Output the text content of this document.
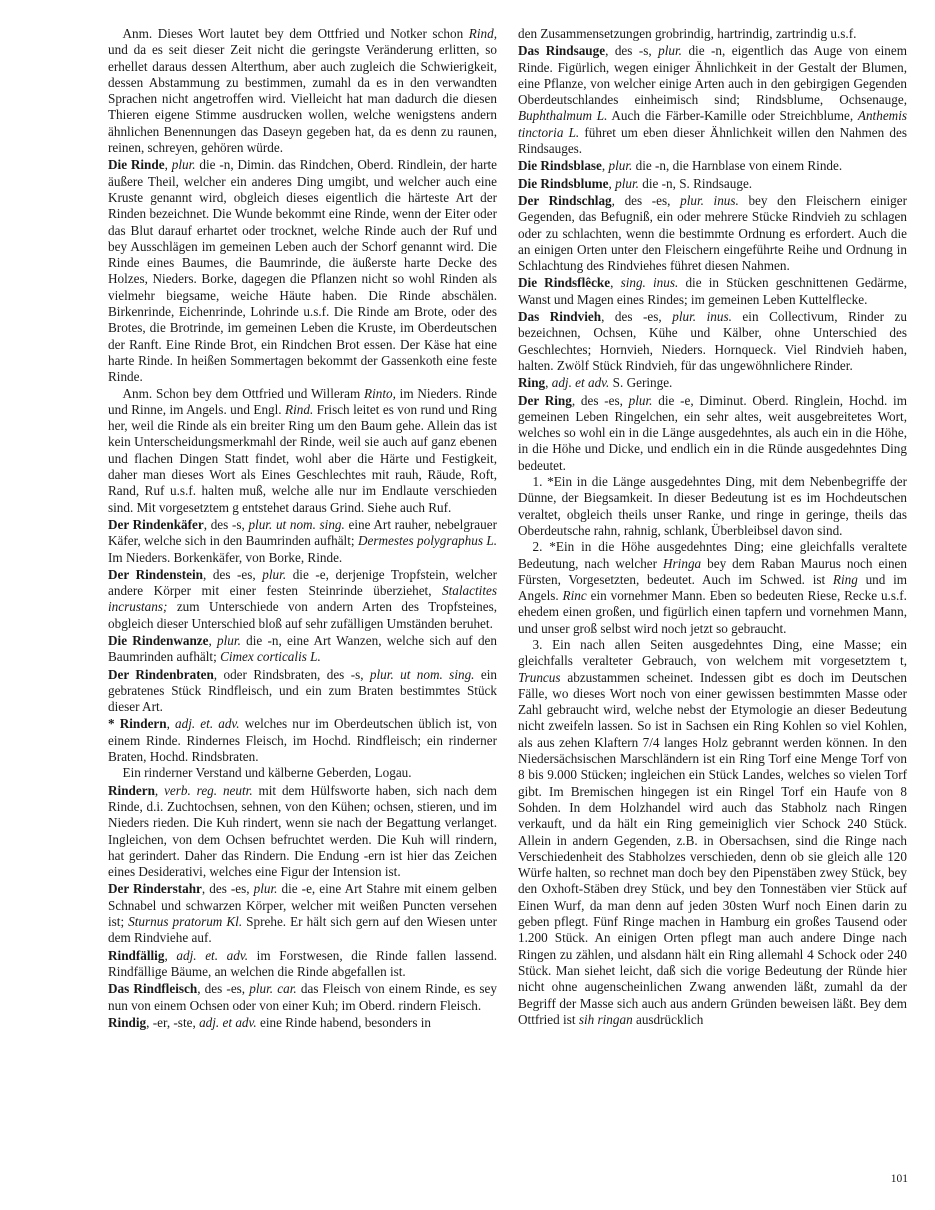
Anm. Dieses Wort lautet bey dem Ottfried und Notker schon Rind, und da es seit dieser Zeit nicht die geringste Veränderung erlitten, so erhellet daraus dessen Alterthum, aber auch zugleich die Schwierigkeit, dessen Abstammung zu bestimmen, zumahl da es in den verwandten Sprachen nicht angetroffen wird. Vielleicht hat man dadurch die diesen Thieren eigene Stimme ausdrucken wollen, welche wenigstens andern ähnlichen Benennungen das Daseyn gegeben hat, da es denn zu raunen, reinen, schreyen, gehören würde.

Die Rinde, plur. die -n, Dimin. das Rindchen, Oberd. Rindlein, der harte äußere Theil, welcher ein anderes Ding umgibt, und welcher auch eine Kruste genannt wird, obgleich dieses eigentlich die härteste Art der Rinden bezeichnet. Die Wunde bekommt eine Rinde, wenn der Eiter oder das Blut darauf erhartet oder trocknet, welche Rinde auch der Ruf und bey Ausschlägen im gemeinen Leben auch der Schorf genannt wird. Die Rinde eines Baumes, die Baumrinde, die äußerste harte Decke des Holzes, Nieders. Borke, dagegen die Pflanzen nicht so wohl Rinden als vielmehr biegsame, weiche Häute haben. Die Rinde abschälen. Birkenrinde, Eichenrinde, Lohrinde u.s.f. Die Rinde am Brote, oder des Brotes, die Brotrinde, im gemeinen Leben die Kruste, im Oberdeutschen der Ranft. Eine Rinde Brot, ein Rindchen Brot essen. Der Käse hat eine harte Rinde. In heißen Sommertagen bekommt der Gassenkoth eine feste Rinde.

Anm. Schon bey dem Ottfried und Willeram Rinto, im Nieders. Rinde und Rinne, im Angels. und Engl. Rind. Frisch leitet es von rund und Ring her, weil die Rinde als ein breiter Ring um den Baum gehe. Allein das ist kein Unterscheidungsmerkmahl der Rinde, weil sie auch auf ganz ebenen und flachen Dingen Statt findet, wohl aber die Härte und Festigkeit, daher man dieses Wort als Eines Geschlechtes mit rauh, Räude, Roft, Rand, Ruf u.s.f. halten muß, welche alle nur im Endlaute verschieden sind. Mit vorgesetztem g entstehet daraus Grind. Siehe auch Ruf.

Der Rindenkäfer, des -s, plur. ut nom. sing. eine Art rauher, nebelgrauer Käfer, welche sich in den Baumrinden aufhält; Dermestes polygraphus L. Im Nieders. Borkenkäfer, von Borke, Rinde.

Der Rindenstein, des -es, plur. die -e, derjenige Tropfstein, welcher andere Körper mit einer festen Steinrinde überziehet, Stalactites incrustans; zum Unterschiede von andern Arten des Tropfsteines, obgleich dieser Unterschied bloß auf sehr zufälligen Umständen beruhet.

Die Rindenwanze, plur. die -n, eine Art Wanzen, welche sich auf den Baumrinden aufhält; Cimex corticalis L.

Der Rindenbraten, oder Rindsbraten, des -s, plur. ut nom. sing. ein gebratenes Stück Rindfleisch, und ein zum Braten bestimmtes Stück dieser Art.

* Rindern, adj. et. adv. welches nur im Oberdeutschen üblich ist, von einem Rinde. Rindernes Fleisch, im Hochd. Rindfleisch; ein rinderner Braten, Hochd. Rindsbraten.

Ein rinderner Verstand und kälberne Geberden, Logau.

Rindern, verb. reg. neutr. mit dem Hülfsworte haben, sich nach dem Rinde, d.i. Zuchtochsen, sehnen, von den Kühen; ochsen, stieren, und im Nieders rieden. Die Kuh rindert, wenn sie nach der Begattung verlanget. Ingleichen, von dem Ochsen befruchtet werden. Die Kuh will rindern, hat gerindert. Daher das Rindern. Die Endung -ern ist hier das Zeichen eines Desiderativi, welches eine Figur der Intension ist.

Der Rinderstahr, des -es, plur. die -e, eine Art Stahre mit einem gelben Schnabel und schwarzen Körper, welcher mit weißen Puncten versehen ist; Sturnus pratorum Kl. Sprehe. Er hält sich gern auf den Wiesen unter dem Rindviehe auf.

Rindfällig, adj. et. adv. im Forstwesen, die Rinde fallen lassend. Rindfällige Bäume, an welchen die Rinde abgefallen ist.

Das Rindfleisch, des -es, plur. car. das Fleisch von einem Rinde, es sey nun von einem Ochsen oder von einer Kuh; im Oberd. rindern Fleisch.

Rindig, -er, -ste, adj. et adv. eine Rinde habend, besonders in

den Zusammensetzungen grobrindig, hartrindig, zartrindig u.s.f.

Das Rindsauge, des -s, plur. die -n, eigentlich das Auge von einem Rinde. Figürlich, wegen einiger Ähnlichkeit in der Gestalt der Blumen, eine Pflanze, von welcher einige Arten auch in den gebirgigen Gegenden Oberdeutschlandes einheimisch sind; Rindsblume, Ochsenauge, Buphthalmum L. Auch die Färber-Kamille oder Streichblume, Anthemis tinctoria L. führet um eben dieser Ähnlichkeit willen den Nahmen des Rindsauges.

Die Rindsblase, plur. die -n, die Harnblase von einem Rinde.

Die Rindsblume, plur. die -n, S. Rindsauge.

Der Rindschlag, des -es, plur. inus. bey den Fleischern einiger Gegenden, das Befugniß, ein oder mehrere Stücke Rindvieh zu schlagen oder zu schlachten, wenn die bestimmte Ordnung es erfordert. Auch die an einigen Orten unter den Fleischern eingeführte Reihe und Ordnung in Schlachtung des Rindviehes führet diesen Nahmen.

Die Rindsflêcke, sing. inus. die in Stücken geschnittenen Gedärme, Wanst und Magen eines Rindes; im gemeinen Leben Kuttelflecke.

Das Rindvieh, des -es, plur. inus. ein Collectivum, Rinder zu bezeichnen, Ochsen, Kühe und Kälber, ohne Unterschied des Geschlechtes; Hornvieh, Nieders. Hornqueck. Viel Rindvieh haben, halten. Zwölf Stück Rindvieh, für das ungewöhnlichere Rinder.

Ring, adj. et adv. S. Geringe.

Der Ring, des -es, plur. die -e, Diminut. Oberd. Ringlein, Hochd. im gemeinen Leben Ringelchen, ein sehr altes, weit ausgebreitetes Wort, welches so wohl ein in die Länge ausgedehntes, als auch ein in die Höhe, in die Höhe und Dicke, und endlich ein in die Ründe ausgedehntes Ding bedeutet.

1. *Ein in die Länge ausgedehntes Ding, mit dem Nebenbegriffe der Dünne, der Biegsamkeit. In dieser Bedeutung ist es im Hochdeutschen veraltet, obgleich theils unser Ranke, und ringe in geringe, theils das Oberdeutsche rahn, rahnig, schlank, Überbleibsel davon sind.

2. *Ein in die Höhe ausgedehntes Ding; eine gleichfalls veraltete Bedeutung, nach welcher Hringa bey dem Raban Maurus noch einen Fürsten, Vorgesetzten, bedeutet. Auch im Schwed. ist Ring und im Angels. Rinc ein vornehmer Mann. Eben so bedeuten Riese, Recke u.s.f. ehedem einen großen, und figürlich einen tapfern und vornehmen Mann, und unser groß selbst wird noch jetzt so gebraucht.

3. Ein nach allen Seiten ausgedehntes Ding, eine Masse; ein gleichfalls veralteter Gebrauch, von welchem mit vorgesetztem t, Truncus abzustammen scheinet. Indessen gibt es doch im Deutschen Fälle, wo dieses Wort noch von einer gewissen bestimmten Masse oder Zahl gebraucht wird, welche nebst der Etymologie an dieser Bedeutung nicht zweifeln lassen. So ist in Sachsen ein Ring Kohlen so viel Kohlen, als aus zehen Klaftern 7/4 langes Holz gebrannt werden können. In den Niedersächsischen Marschländern ist ein Ring Torf eine Menge Torf von 8 bis 9.000 Stücken; ingleichen ein Stück Landes, welches so vielen Torf gibt. Im Bremischen hingegen ist ein Ringel Torf ein Haufe von 8 Sohden. In dem Holzhandel wird auch das Stabholz nach Ringen verkauft, und da hält ein Ring gemeiniglich vier Schock 240 Stück. Allein in andern Gegenden, z.B. in Obersachsen, sind die Ringe nach Verschiedenheit des Stabholzes verschieden, denn ob sie gleich alle 120 Würfe halten, so rechnet man doch bey den Pipenstäben zwey Stück, bey den Oxhoft-Stäben drey Stück, und bey den Tonnestäben vier Stück auf Einen Wurf, da man denn auf jeden 30sten Wurf noch Einen darin zu geben pflegt. Fünf Ringe machen in Hamburg ein großes Tausend oder 1.200 Stück. An einigen Orten pflegt man auch andere Dinge nach Ringen zu zählen, und alsdann hält ein Ring allemahl 4 Schock oder 240 Stück. Man siehet leicht, daß sich die vorige Bedeutung der Ründe hier nicht ohne augenscheinlichen Zwang anwenden läßt, zumahl da der Begriff der Masse sich auch aus andern Gründen beweisen läßt. Bey dem Ottfried ist sih ringan ausdrücklich

101
